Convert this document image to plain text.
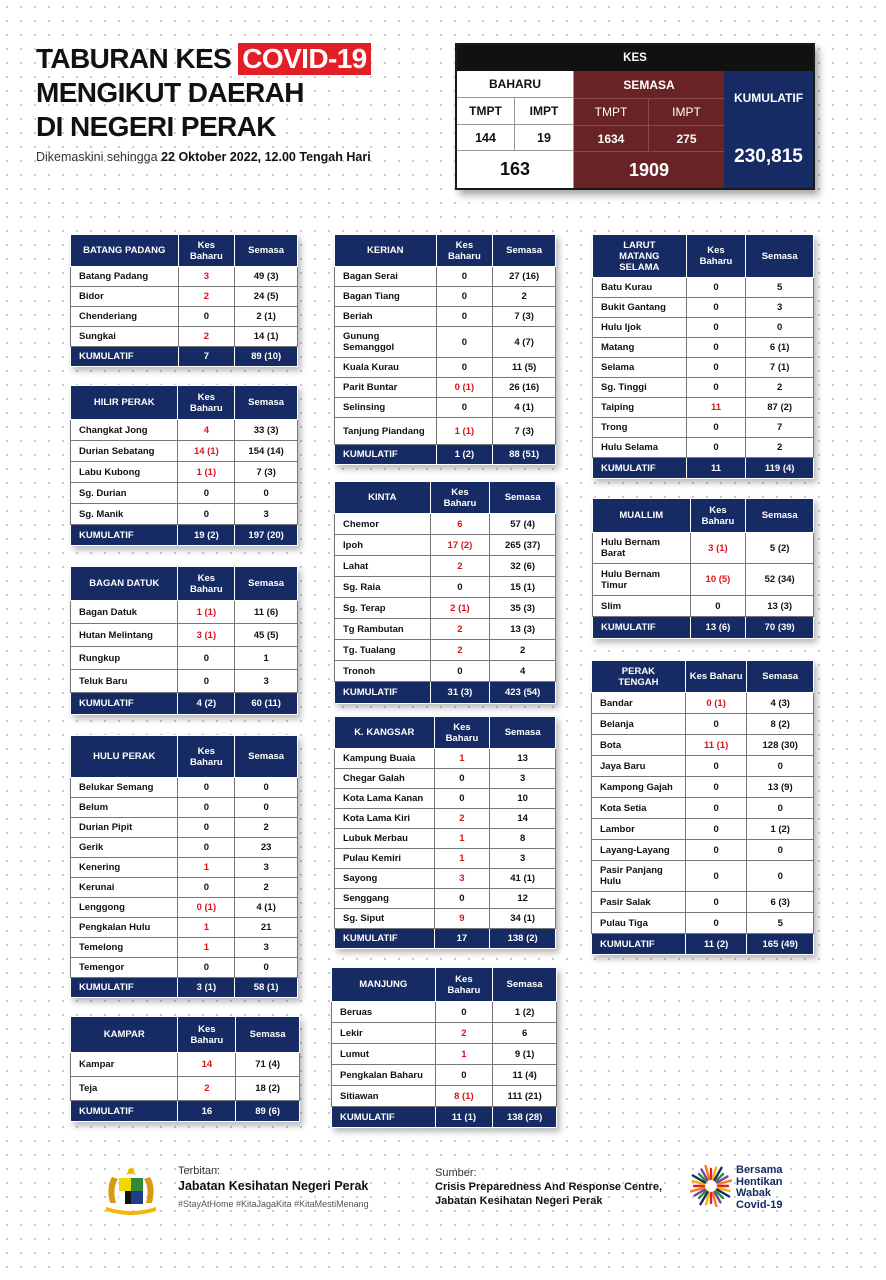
TABURAN KES COVID-19
MENGIKUT DAERAH
DI NEGERI PERAK
Dikemaskini sehingga 22 Oktober 2022, 12.00 Tengah Hari
KES
BAHARU	SEMASA
KUMULATIF
TMPT	IMPT	TMPT	IMPT
144	19	1634	275
163	1909
230,815
BATANG PADANG	Kes Baharu	Semasa
Batang Padang	3	49 (3)
Bidor	2	24 (5)
Chenderiang	0	2 (1)
Sungkai	2	14 (1)
KUMULATIF	7	89 (10)
HILIR PERAK	Kes Baharu	Semasa
Changkat Jong	4	33 (3)
Durian Sebatang	14 (1)	154 (14)
Labu Kubong	1 (1)	7 (3)
Sg. Durian	0	0
Sg. Manik	0	3
KUMULATIF	19 (2)	197 (20)
BAGAN DATUK	Kes Baharu	Semasa
Bagan Datuk	1 (1)	11 (6)
Hutan Melintang	3 (1)	45 (5)
Rungkup	0	1
Teluk Baru	0	3
KUMULATIF	4 (2)	60 (11)
HULU PERAK	Kes Baharu	Semasa
Belukar Semang	0	0
Belum	0	0
Durian Pipit	0	2
Gerik	0	23
Kenering	1	3
Kerunai	0	2
Lenggong	0 (1)	4 (1)
Pengkalan Hulu	1	21
Temelong	1	3
Temengor	0	0
KUMULATIF	3 (1)	58 (1)
KAMPAR	Kes Baharu	Semasa
Kampar	14	71 (4)
Teja	2	18 (2)
KUMULATIF	16	89 (6)
KERIAN	Kes Baharu	Semasa
Bagan Serai	0	27 (16)
Bagan Tiang	0	2
Beriah	0	7 (3)
Gunung Semanggol	0	4 (7)
Kuala Kurau	0	11 (5)
Parit Buntar	0 (1)	26 (16)
Selinsing	0	4 (1)
Tanjung Piandang	1 (1)	7 (3)
KUMULATIF	1 (2)	88 (51)
KINTA	Kes Baharu	Semasa
Chemor	6	57 (4)
Ipoh	17 (2)	265 (37)
Lahat	2	32 (6)
Sg. Raia	0	15 (1)
Sg. Terap	2 (1)	35 (3)
Tg Rambutan	2	13 (3)
Tg. Tualang	2	2
Tronoh	0	4
KUMULATIF	31 (3)	423 (54)
K. KANGSAR	Kes Baharu	Semasa
Kampung Buaia	1	13
Chegar Galah	0	3
Kota Lama Kanan	0	10
Kota Lama Kiri	2	14
Lubuk Merbau	1	8
Pulau Kemiri	1	3
Sayong	3	41 (1)
Senggang	0	12
Sg. Siput	9	34 (1)
KUMULATIF	17	138 (2)
MANJUNG	Kes Baharu	Semasa
Beruas	0	1 (2)
Lekir	2	6
Lumut	1	9 (1)
Pengkalan Baharu	0	11 (4)
Sitiawan	8 (1)	111 (21)
KUMULATIF	11 (1)	138 (28)
LARUT MATANG SELAMA	Kes Baharu	Semasa
Batu Kurau	0	5
Bukit Gantang	0	3
Hulu Ijok	0	0
Matang	0	6 (1)
Selama	0	7 (1)
Sg. Tinggi	0	2
Taiping	11	87 (2)
Trong	0	7
Hulu Selama	0	2
KUMULATIF	11	119 (4)
MUALLIM	Kes Baharu	Semasa
Hulu Bernam Barat	3 (1)	5 (2)
Hulu Bernam Timur	10 (5)	52 (34)
Slim	0	13 (3)
KUMULATIF	13 (6)	70 (39)
PERAK TENGAH	Kes Baharu	Semasa
Bandar	0 (1)	4 (3)
Belanja	0	8 (2)
Bota	11 (1)	128 (30)
Jaya Baru	0	0
Kampong Gajah	0	13 (9)
Kota Setia	0	0
Lambor	0	1 (2)
Layang-Layang	0	0
Pasir Panjang Hulu	0	0
Pasir Salak	0	6 (3)
Pulau Tiga	0	5
KUMULATIF	11 (2)	165 (49)
Terbitan:
Jabatan Kesihatan Negeri Perak
#StayAtHome #KitaJagaKita #KitaMestiMenang
Sumber:
Crisis Preparedness And Response Centre,
Jabatan Kesihatan Negeri Perak
Bersama
Hentikan
Wabak
Covid-19
